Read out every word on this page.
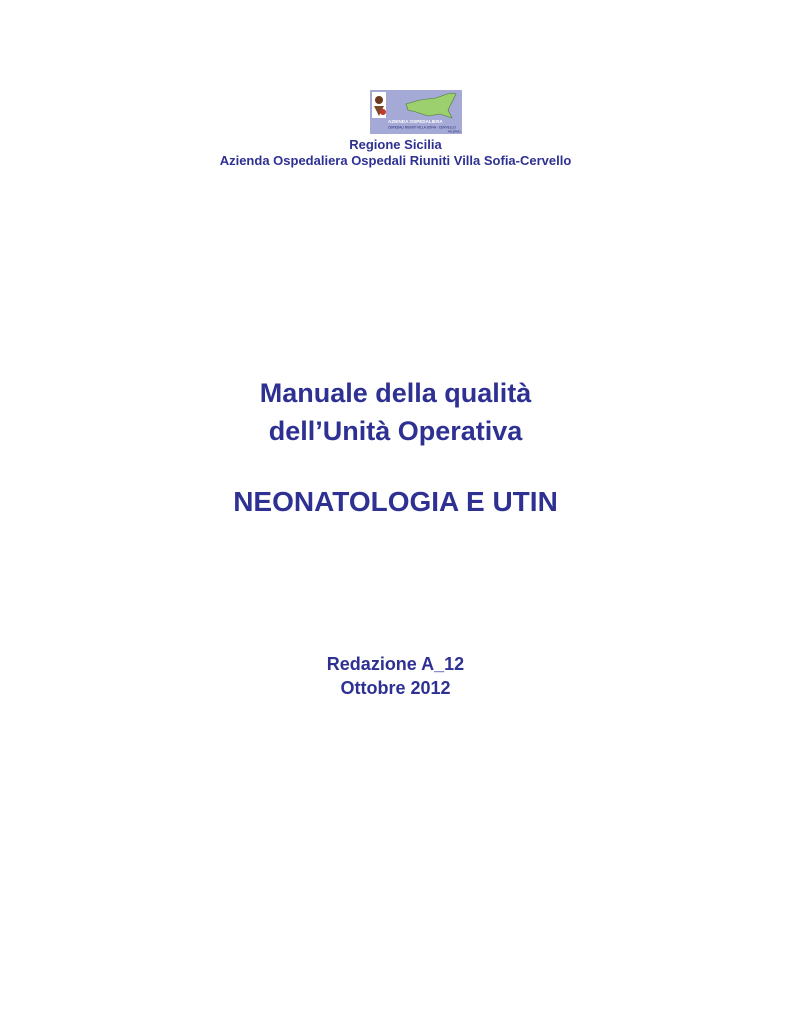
AZIENDA OSPEDALIERA
OSPEDALI RIUNITI VILLA SOFIA - CERVELLO
PALERMO
Regione Sicilia
Azienda Ospedaliera Ospedali Riuniti Villa Sofia-Cervello
Manuale della qualità
dell’Unità Operativa
NEONATOLOGIA E UTIN
Redazione A_12
Ottobre 2012
